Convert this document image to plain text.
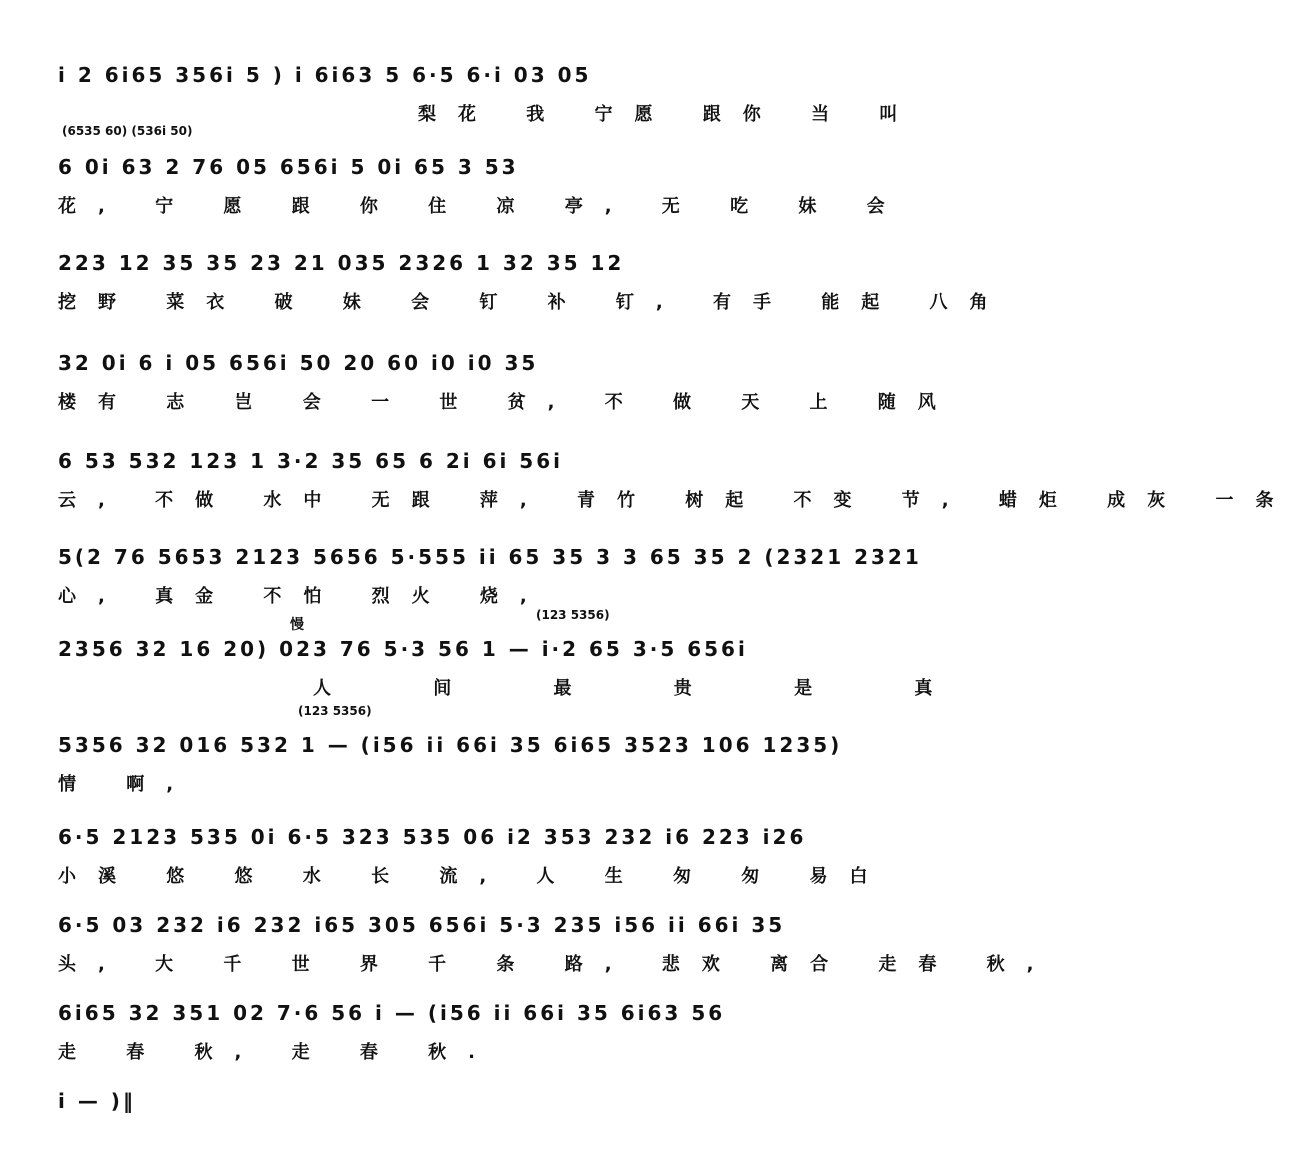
i 2 6i65 356i 5 ) i 6i63 5 6·5 6·i 03 05
梨花 我 宁愿 跟你 当 叫
(6535 60) (536i 50)
6 0i 63 2 76 05 656i 5 0i 65 3 53
花, 宁 愿 跟 你 住 凉 亭, 无 吃 妹 会
223 12 35 35 23 21 035 2326 1 32 35 12
挖野 菜衣 破 妹 会 钉 补 钉, 有手 能起 八角
32 0i 6 i 05 656i 50 20 60 i0 i0 35
楼有 志 岂 会 一 世 贫, 不 做 天 上 随风
6 53 532 123 1 3·2 35 65 6 2i 6i 56i
云, 不做 水中 无跟 萍, 青竹 树起 不变 节, 蜡炬 成灰 一条
5(2 76 5653 2123 5656 5·555 ii 65 35 3 3 65 35 2 (2321 2321
心, 真金 不怕 烈火 烧,
慢
(123 5356)
2356 32 16 20) 023 76 5·3 56 1 — i·2 65 3·5 656i
人 间 最 贵 是 真
(123 5356)
5356 32 016 532 1 — (i56 ii 66i 35 6i65 3523 106 1235)
情 啊,
6·5 2123 535 0i 6·5 323 535 06 i2 353 232 i6 223 i26
小溪 悠 悠 水 长 流, 人 生 匆 匆 易白
6·5 03 232 i6 232 i65 305 656i 5·3 235 i56 ii 66i 35
头, 大 千 世 界 千 条 路, 悲欢 离合 走春 秋,
6i65 32 351 02 7·6 56 i — (i56 ii 66i 35 6i63 56
走 春 秋, 走 春 秋.
i — )‖
